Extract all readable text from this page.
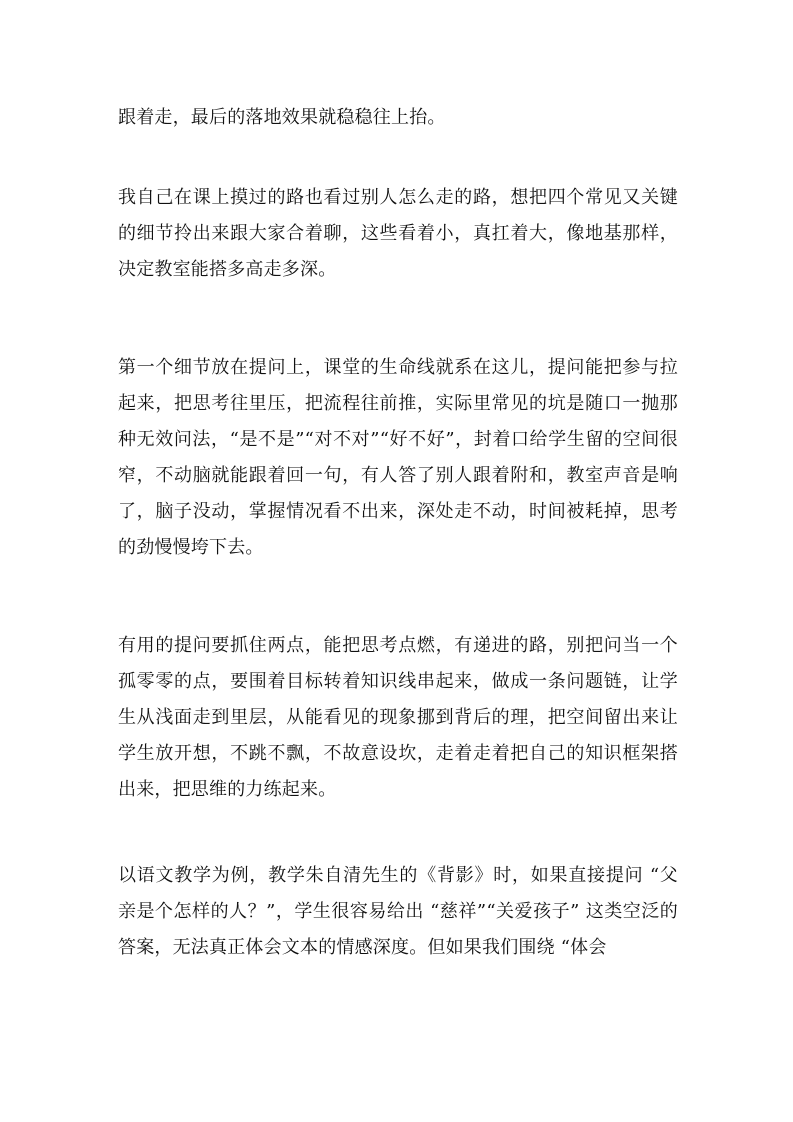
跟着走，最后的落地效果就稳稳往上抬。

我自己在课上摸过的路也看过别人怎么走的路，想把四个常见又关键的细节拎出来跟大家合着聊，这些看着小，真扛着大，像地基那样，决定教室能搭多高走多深。

第一个细节放在提问上，课堂的生命线就系在这儿，提问能把参与拉起来，把思考往里压，把流程往前推，实际里常见的坑是随口一抛那种无效问法，“是不是”“对不对”“好不好”，封着口给学生留的空间很窄，不动脑就能跟着回一句，有人答了别人跟着附和，教室声音是响了，脑子没动，掌握情况看不出来，深处走不动，时间被耗掉，思考的劲慢慢垮下去。

有用的提问要抓住两点，能把思考点燃，有递进的路，别把问当一个孤零零的点，要围着目标转着知识线串起来，做成一条问题链，让学生从浅面走到里层，从能看见的现象挪到背后的理，把空间留出来让学生放开想，不跳不飘，不故意设坎，走着走着把自己的知识框架搭出来，把思维的力练起来。

以语文教学为例，教学朱自清先生的《背影》时，如果直接提问 “父亲是个怎样的人？”，学生很容易给出 “慈祥”“关爱孩子” 这类空泛的答案，无法真正体会文本的情感深度。但如果我们围绕 “体会
